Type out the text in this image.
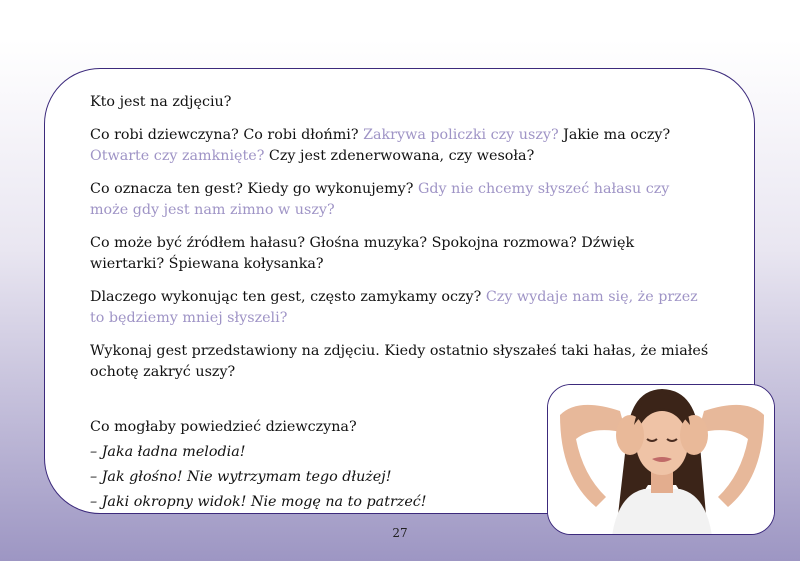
Kto jest na zdjęciu?

Co robi dziewczyna? Co robi dłońmi? Zakrywa policzki czy uszy? Jakie ma oczy? Otwarte czy zamknięte? Czy jest zdenerwowana, czy wesoła?

Co oznacza ten gest? Kiedy go wykonujemy? Gdy nie chcemy słyszeć hałasu czy może gdy jest nam zimno w uszy?

Co może być źródłem hałasu? Głośna muzyka? Spokojna rozmowa? Dźwięk wiertarki? Śpiewana kołysanka?

Dlaczego wykonując ten gest, często zamykamy oczy? Czy wydaje nam się, że przez to będziemy mniej słyszeli?

Wykonaj gest przedstawiony na zdjęciu. Kiedy ostatnio słyszałeś taki hałas, że miałeś ochotę zakryć uszy?

Co mogłaby powiedzieć dziewczyna?

– Jaka ładna melodia!

– Jak głośno! Nie wytrzymam tego dłużej!

– Jaki okropny widok! Nie mogę na to patrzeć!

27
